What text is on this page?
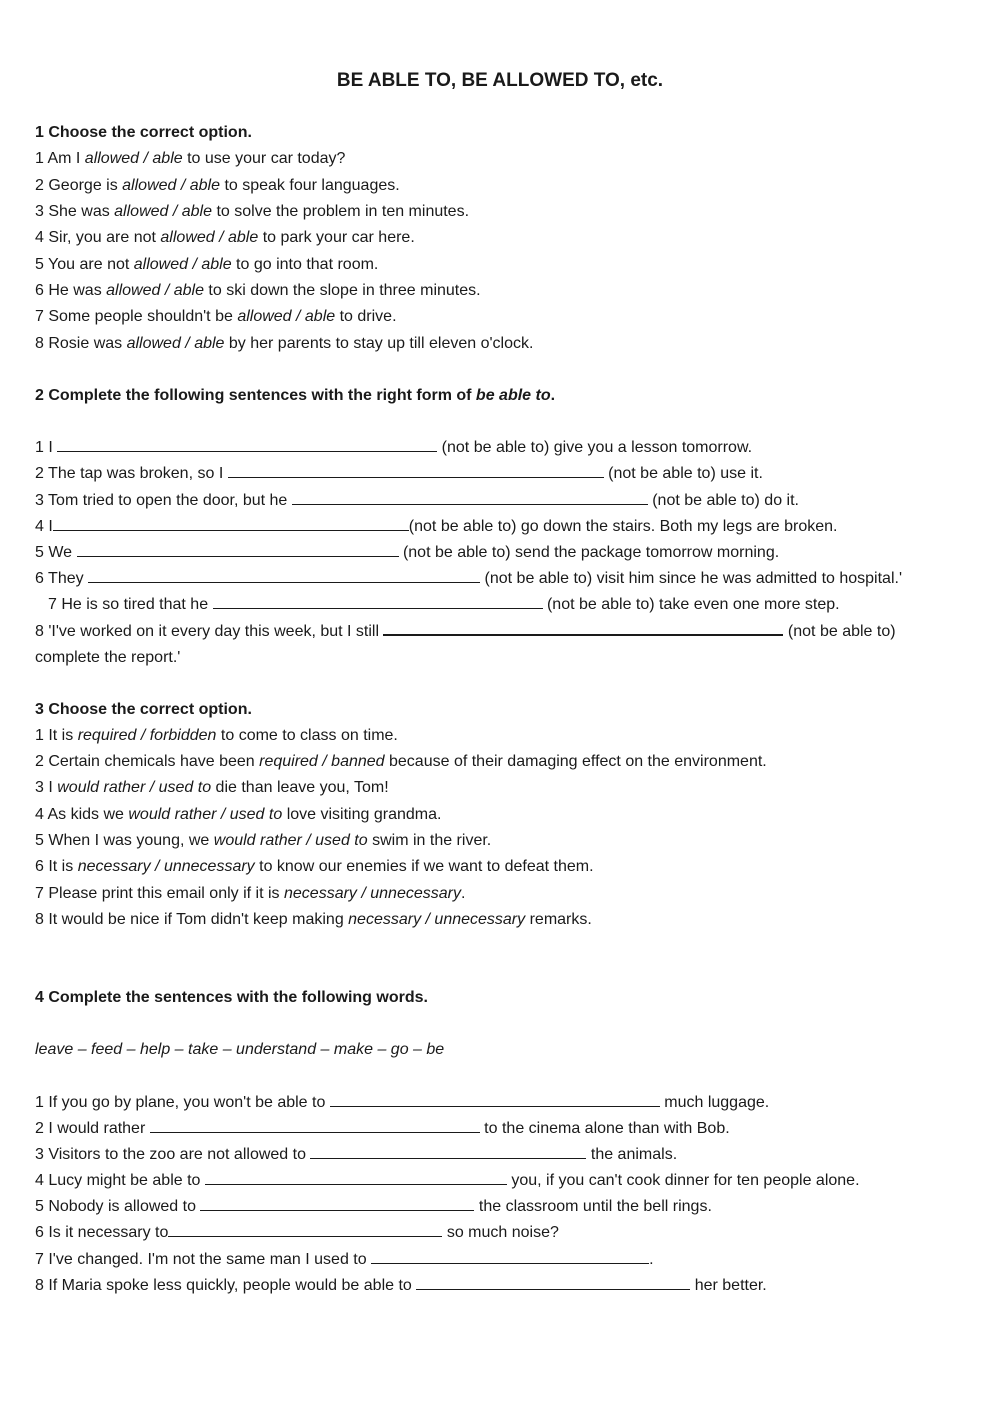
BE ABLE TO, BE ALLOWED TO, etc.
1 Choose the correct option.
1 Am I allowed / able to use your car today?
2 George is allowed / able to speak four languages.
3 She was allowed / able to solve the problem in ten minutes.
4 Sir, you are not allowed / able to park your car here.
5 You are not allowed / able to go into that room.
6 He was allowed / able to ski down the slope in three minutes.
7 Some people shouldn't be allowed / able to drive.
8 Rosie was allowed / able by her parents to stay up till eleven o'clock.
2 Complete the following sentences with the right form of be able to.
1 I	(not be able to) give you a lesson tomorrow.
2 The tap was broken, so I	(not be able to) use it.
3 Tom tried to open the door, but he	(not be able to) do it.
4 I	(not be able to) go down the stairs. Both my legs are broken.
5 We	(not be able to) send the package tomorrow morning.
6 They	(not be able to) visit him since he was admitted to hospital.'
7 He is so tired that he	(not be able to) take even one more step.
8 'I've worked on it every day this week, but I still	(not be able to)
complete the report.'
3 Choose the correct option.
1 It is required / forbidden to come to class on time.
2 Certain chemicals have been required / banned because of their damaging effect on the environment.
3 I would rather / used to die than leave you, Tom!
4 As kids we would rather / used to love visiting grandma.
5 When I was young, we would rather / used to swim in the river.
6 It is necessary / unnecessary to know our enemies if we want to defeat them.
7 Please print this email only if it is necessary / unnecessary.
8 It would be nice if Tom didn't keep making necessary / unnecessary remarks.
4 Complete the sentences with the following words.
leave – feed – help – take – understand – make – go – be
1 If you go by plane, you won't be able to	much luggage.
2 I would rather	to the cinema alone than with Bob.
3 Visitors to the zoo are not allowed to	the animals.
4 Lucy might be able to	you, if you can't cook dinner for ten people alone.
5 Nobody is allowed to	the classroom until the bell rings.
6 Is it necessary to	so much noise?
7 I've changed. I'm not the same man I used to	.
8 If Maria spoke less quickly, people would be able to	her better.
